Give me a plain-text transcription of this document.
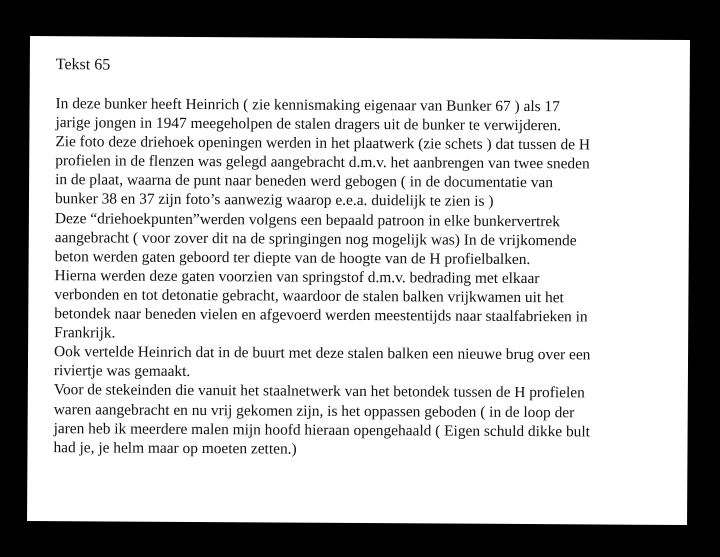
Tekst 65

In deze bunker heeft Heinrich ( zie kennismaking eigenaar van Bunker 67 ) als 17
jarige jongen in 1947 meegeholpen de stalen dragers uit de bunker te verwijderen.
Zie foto deze driehoek openingen werden in het plaatwerk (zie schets ) dat tussen de H
profielen in de flenzen was gelegd aangebracht d.m.v. het aanbrengen van twee sneden
in de plaat, waarna de punt naar beneden werd gebogen ( in de documentatie van
bunker 38 en 37 zijn foto’s aanwezig waarop e.e.a. duidelijk te zien is )
Deze “driehoekpunten”werden volgens een bepaald patroon in elke bunkervertrek
aangebracht ( voor zover dit na de springingen nog mogelijk was) In de vrijkomende
beton werden gaten geboord ter diepte van de hoogte van de H profielbalken.
Hierna werden deze gaten voorzien van springstof d.m.v. bedrading met elkaar
verbonden en tot detonatie gebracht, waardoor de stalen balken vrijkwamen uit het
betondek naar beneden vielen en afgevoerd werden meestentijds naar staalfabrieken in
Frankrijk.
Ook vertelde Heinrich dat in de buurt met deze stalen balken een nieuwe brug over een
riviertje was gemaakt.
Voor de stekeinden die vanuit het staalnetwerk van het betondek tussen de H profielen
waren aangebracht en nu vrij gekomen zijn, is het oppassen geboden ( in de loop der
jaren heb ik meerdere malen mijn hoofd hieraan opengehaald ( Eigen schuld dikke bult
had je, je helm maar op moeten zetten.)
